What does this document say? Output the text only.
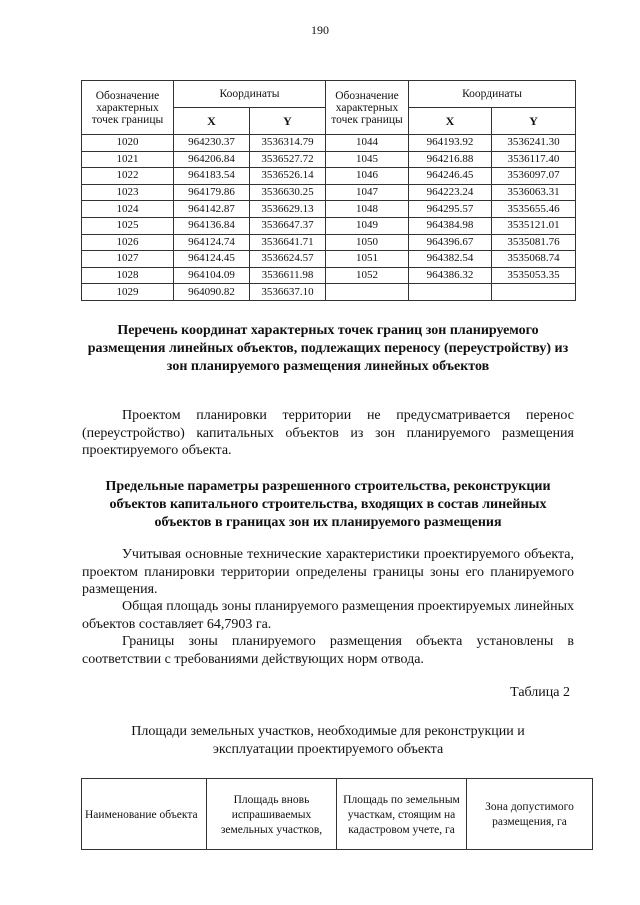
190
Обозначение характерных точек границы	Координаты		Обозначение характерных точек границы	Координаты	
	X	Y		X	Y
1020	964230.37	3536314.79	1044	964193.92	3536241.30
1021	964206.84	3536527.72	1045	964216.88	3536117.40
1022	964183.54	3536526.14	1046	964246.45	3536097.07
1023	964179.86	3536630.25	1047	964223.24	3536063.31
1024	964142.87	3536629.13	1048	964295.57	3535655.46
1025	964136.84	3536647.37	1049	964384.98	3535121.01
1026	964124.74	3536641.71	1050	964396.67	3535081.76
1027	964124.45	3536624.57	1051	964382.54	3535068.74
1028	964104.09	3536611.98	1052	964386.32	3535053.35
1029	964090.82	3536637.10			
Перечень координат характерных точек границ зон планируемого размещения линейных объектов, подлежащих переносу (переустройству) из зон планируемого размещения линейных объектов
Проектом планировки территории не предусматривается перенос (переустройство) капитальных объектов из зон планируемого размещения проектируемого объекта.
Предельные параметры разрешенного строительства, реконструкции объектов капитального строительства, входящих в состав линейных объектов в границах зон их планируемого размещения
Учитывая основные технические характеристики проектируемого объекта, проектом планировки территории определены границы зоны его планируемого размещения.
Общая площадь зоны планируемого размещения проектируемых линейных объектов составляет 64,7903 га.
Границы зоны планируемого размещения объекта установлены в соответствии с требованиями действующих норм отвода.
Таблица 2
Площади земельных участков, необходимые для реконструкции и эксплуатации проектируемого объекта
Наименование объекта	Площадь вновь испрашиваемых земельных участков,	Площадь по земельным участкам, стоящим на кадастровом учете, га	Зона допустимого размещения, га
